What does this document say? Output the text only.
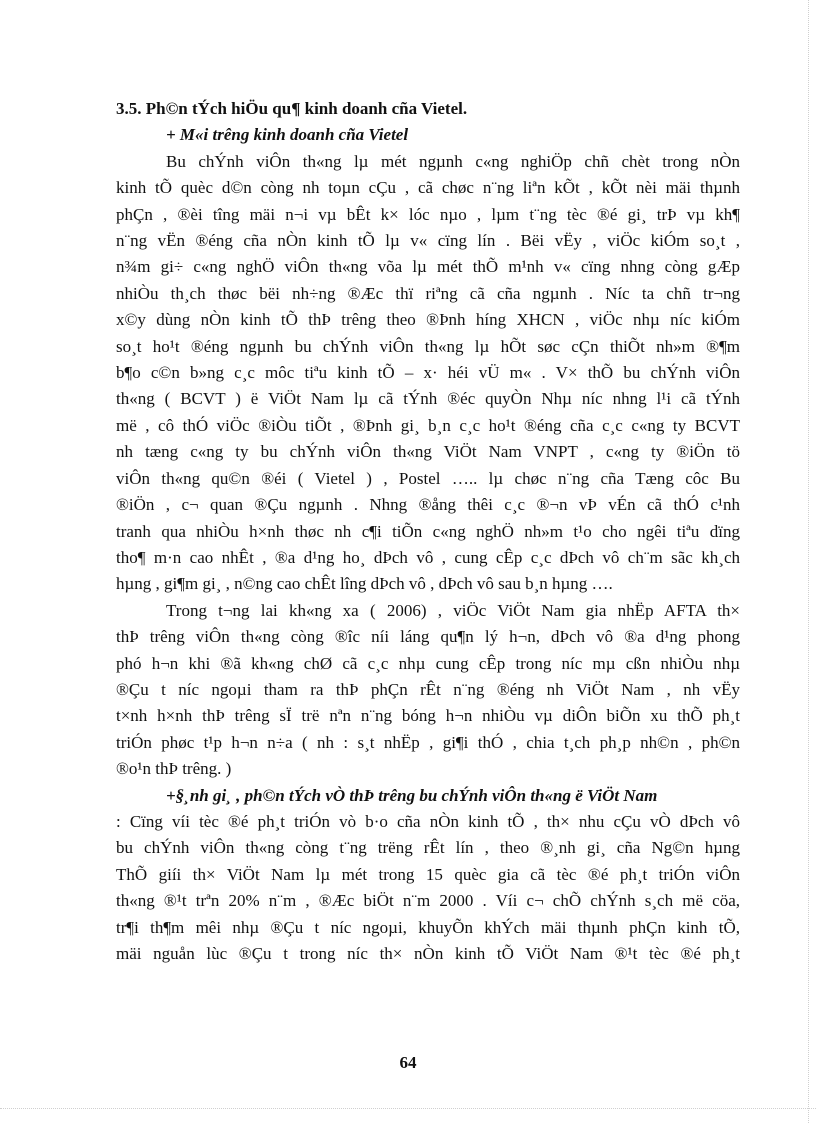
3.5. Ph©n tÝch hiÖu qu¶ kinh doanh cña Vietel.

+ M«i trêng kinh doanh cña Vietel

Bu chÝnh viÔn th«ng lµ mét ngµnh c«ng nghiÖp chñ chèt trong nÒn
kinh tÕ quèc d©n còng nh toµn cÇu , cã chøc n¨ng liªn kÕt , kÕt nèi mäi thµnh
phÇn , ®èi tîng mäi n¬i vµ bÊt k× lóc nµo , lµm t¨ng tèc ®é gi¸ trÞ vµ kh¶
n¨ng vËn ®éng cña nÒn kinh tÕ lµ v« cïng lín . Bëi vËy , viÖc kiÓm so¸t ,
n¾m gi÷ c«ng nghÖ viÔn th«ng võa lµ mét thÕ m¹nh v« cïng nhng còng gÆp
nhiÒu th¸ch thøc bëi nh÷ng ®Æc thï riªng cã cña ngµnh . Níc ta chñ tr¬ng
x©y dùng nÒn kinh tÕ thÞ trêng theo ®Þnh híng XHCN , viÖc nhµ níc kiÓm
so¸t ho¹t ®éng ngµnh bu chÝnh viÔn th«ng lµ hÕt søc cÇn thiÕt nh»m ®¶m
b¶o c©n b»ng c¸c môc tiªu kinh tÕ – x· héi vÜ m« . V× thÕ bu chÝnh viÔn
th«ng ( BCVT ) ë ViÖt Nam lµ cã tÝnh ®éc quyÒn Nhµ níc nhng l¹i cã tÝnh
më , cô thÓ viÖc ®iÒu tiÕt , ®Þnh gi¸ b¸n c¸c ho¹t ®éng cña c¸c c«ng ty BCVT
nh tæng c«ng ty bu chÝnh viÔn th«ng ViÖt Nam VNPT , c«ng ty ®iÖn tö
viÔn th«ng qu©n ®éi ( Vietel ) , Postel ….. lµ chøc n¨ng cña Tæng côc Bu
®iÖn , c¬ quan ®Çu ngµnh . Nhng ®ång thêi c¸c ®¬n vÞ vÉn cã thÓ c¹nh
tranh qua nhiÒu h×nh thøc nh c¶i tiÕn c«ng nghÖ nh»m t¹o cho ngêi tiªu dïng
tho¶ m·n cao nhÊt , ®a d¹ng ho¸ dÞch vô , cung cÊp c¸c dÞch vô ch¨m sãc kh¸ch
hµng , gi¶m gi¸ , n©ng cao chÊt lîng dÞch vô , dÞch vô sau b¸n hµng ….
Trong t¬ng lai kh«ng xa ( 2006) , viÖc ViÖt Nam gia nhËp AFTA th×
thÞ trêng viÔn th«ng còng ®îc níi láng qu¶n lý h¬n, dÞch vô ®a d¹ng phong
phó h¬n khi ®ã kh«ng chØ cã c¸c nhµ cung cÊp trong níc mµ cßn nhiÒu nhµ
®Çu t níc ngoµi tham ra thÞ phÇn rÊt n¨ng ®éng nh ViÖt Nam , nh vËy
t×nh h×nh thÞ trêng sÏ trë nªn n¨ng bóng h¬n nhiÒu vµ diÔn biÕn xu thÕ ph¸t
triÓn phøc t¹p h¬n n÷a ( nh : s¸t nhËp , gi¶i thÓ , chia t¸ch ph¸p nh©n , ph©n
®o¹n thÞ trêng. )

+§¸nh gi¸ , ph©n tÝch vÒ thÞ trêng bu chÝnh viÔn th«ng ë ViÖt Nam

: Cïng víi tèc ®é ph¸t triÓn vò b·o cña nÒn kinh tÕ , th× nhu cÇu vÒ dÞch vô
bu chÝnh viÔn th«ng còng t¨ng trëng rÊt lín , theo ®¸nh gi¸ cña Ng©n hµng
ThÕ giíi th× ViÖt Nam lµ mét trong 15 quèc gia cã tèc ®é ph¸t triÓn viÔn
th«ng ®¹t trªn 20% n¨m , ®Æc biÖt n¨m 2000 . Víi c¬ chÕ chÝnh s¸ch më cöa,
tr¶i th¶m mêi nhµ ®Çu t níc ngoµi, khuyÕn khÝch mäi thµnh phÇn kinh tÕ,
mäi nguån lùc ®Çu t trong níc th× nÒn kinh tÕ ViÖt Nam ®¹t tèc ®é ph¸t
64
